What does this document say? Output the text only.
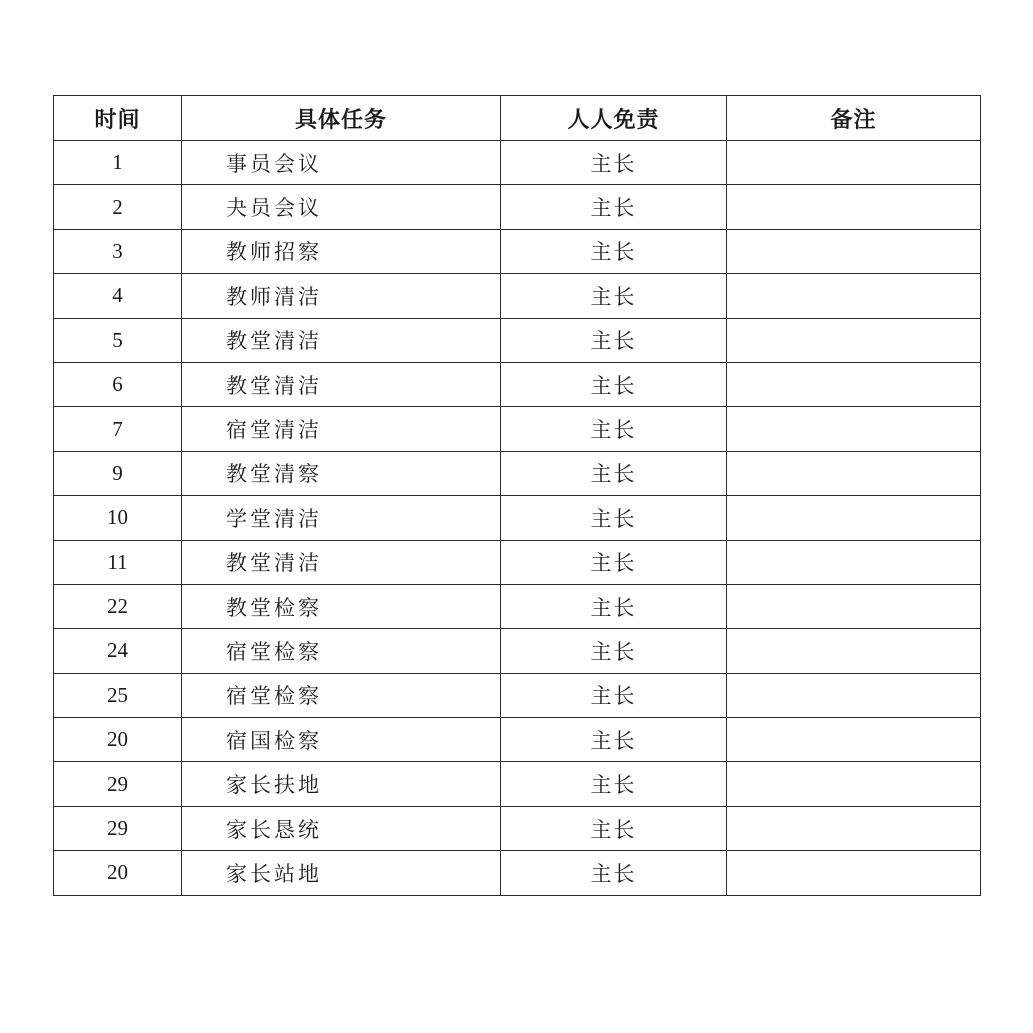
时间	具体任务	人人免责	备注
1	事员会议	主长	
2	夬员会议	主长	
3	教师招察	主长	
4	教师清洁	主长	
5	教堂清洁	主长	
6	教堂清洁	主长	
7	宿堂清洁	主长	
9	教堂清察	主长	
10	学堂清洁	主长	
11	教堂清洁	主长	
22	教堂检察	主长	
24	宿堂检察	主长	
25	宿堂检察	主长	
20	宿国检察	主长	
29	家长扶地	主长	
29	家长恳统	主长	
20	家长站地	主长	
